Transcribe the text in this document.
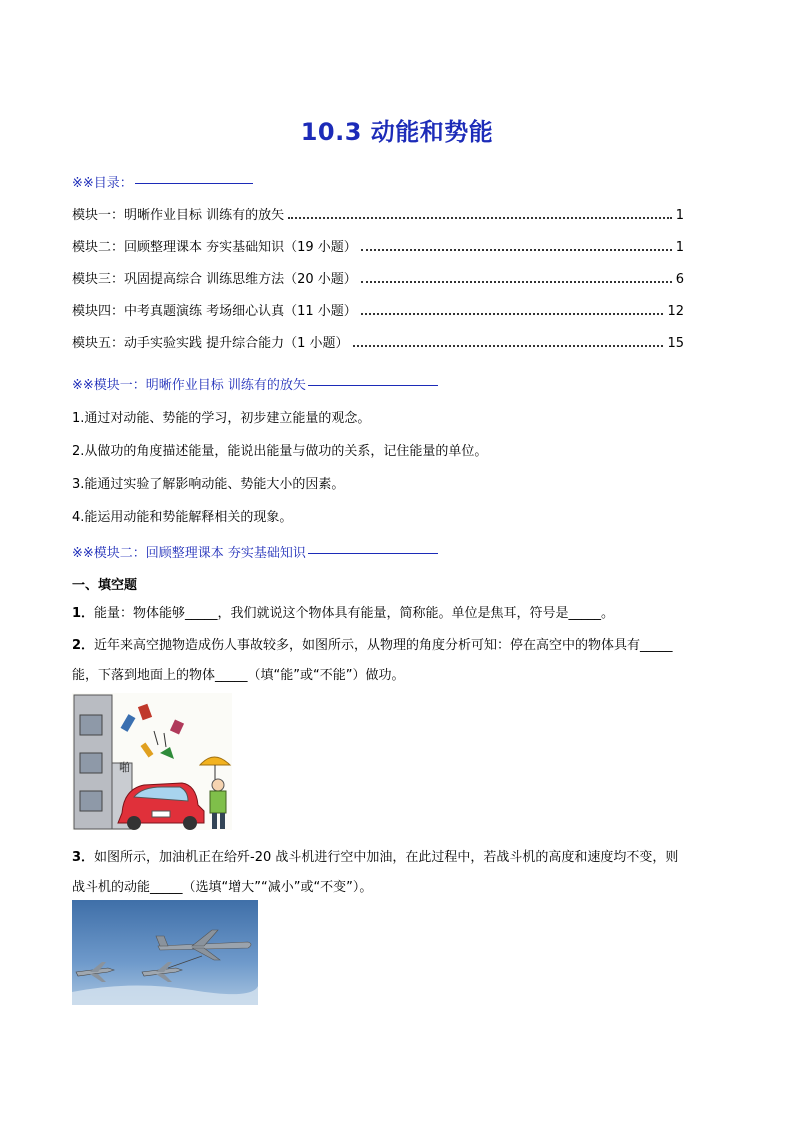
10.3 动能和势能
※※目录：
模块一：明晰作业目标 训练有的放矢	1
模块二：回顾整理课本 夯实基础知识（19 小题）	1
模块三：巩固提高综合 训练思维方法（20 小题）	6
模块四：中考真题演练 考场细心认真（11 小题）	12
模块五：动手实验实践 提升综合能力（1 小题）	15
※※模块一：明晰作业目标 训练有的放矢
1.通过对动能、势能的学习，初步建立能量的观念。
2.从做功的角度描述能量，能说出能量与做功的关系，记住能量的单位。
3.能通过实验了解影响动能、势能大小的因素。
4.能运用动能和势能解释相关的现象。
※※模块二：回顾整理课本 夯实基础知识
一、填空题
1．能量：物体能够_____，我们就说这个物体具有能量，简称能。单位是焦耳，符号是_____。
2．近年来高空抛物造成伤人事故较多，如图所示，从物理的角度分析可知：停在高空中的物体具有_____
能，下落到地面上的物体_____（填“能”或“不能”）做功。
啪
3．如图所示，加油机正在给歼-20 战斗机进行空中加油，在此过程中，若战斗机的高度和速度均不变，则
战斗机的动能_____（选填“增大”“减小”或“不变”）。
